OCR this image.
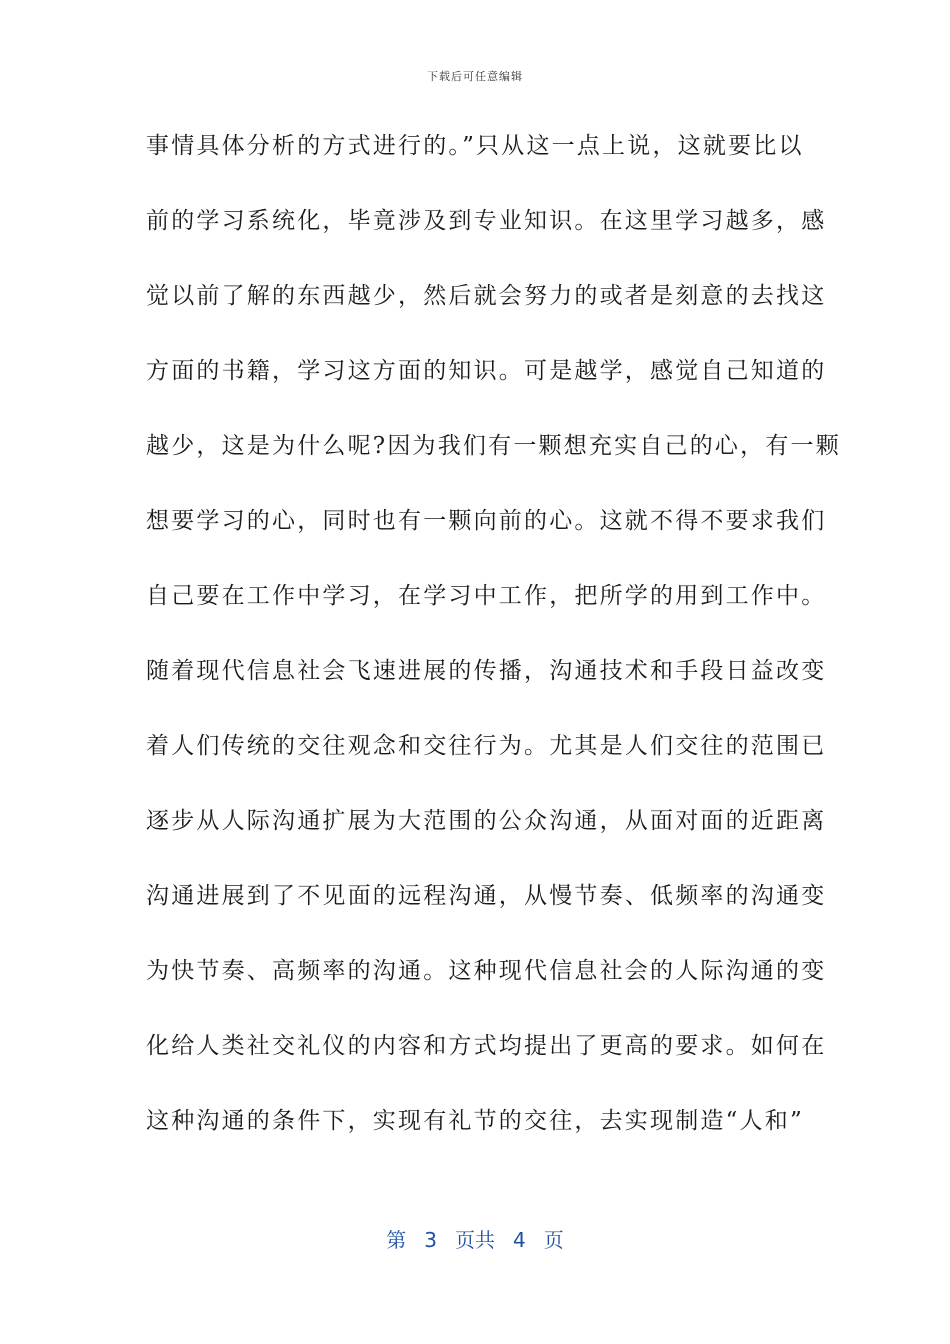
下载后可任意编辑
事情具体分析的方式进行的。”只从这一点上说，这就要比以
前的学习系统化，毕竟涉及到专业知识。在这里学习越多，感
觉以前了解的东西越少，然后就会努力的或者是刻意的去找这
方面的书籍，学习这方面的知识。可是越学，感觉自己知道的
越少，这是为什么呢?因为我们有一颗想充实自己的心，有一颗
想要学习的心，同时也有一颗向前的心。这就不得不要求我们
自己要在工作中学习，在学习中工作，把所学的用到工作中。
随着现代信息社会飞速进展的传播，沟通技术和手段日益改变
着人们传统的交往观念和交往行为。尤其是人们交往的范围已
逐步从人际沟通扩展为大范围的公众沟通，从面对面的近距离
沟通进展到了不见面的远程沟通，从慢节奏、低频率的沟通变
为快节奏、高频率的沟通。这种现代信息社会的人际沟通的变
化给人类社交礼仪的内容和方式均提出了更高的要求。如何在
这种沟通的条件下，实现有礼节的交往，去实现制造“人和”
第 3 页共 4 页
